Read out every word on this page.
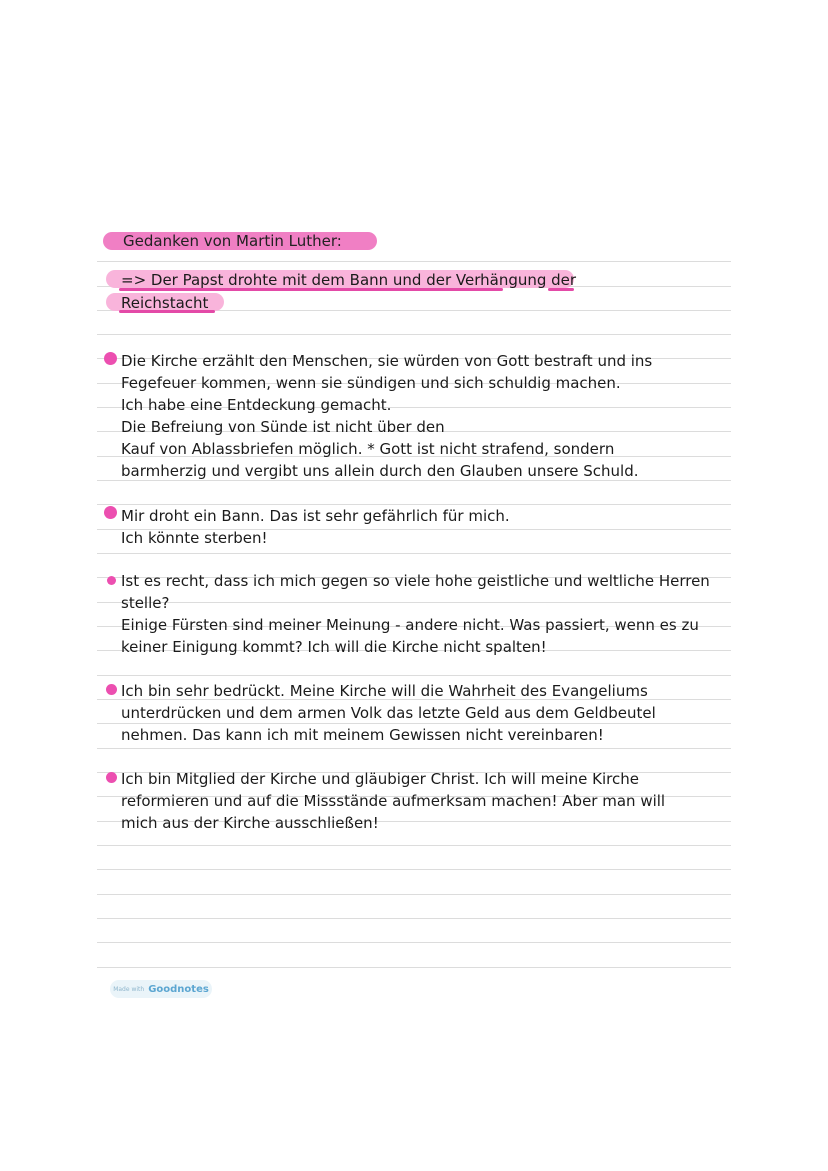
Gedanken von Martin Luther:
=> Der Papst drohte mit dem Bann und der Verhängung der
Reichstacht
Die Kirche erzählt den Menschen, sie würden von Gott bestraft und ins
Fegefeuer kommen, wenn sie sündigen und sich schuldig machen.
Ich habe eine Entdeckung gemacht.
Die Befreiung von Sünde ist nicht über den
Kauf von Ablassbriefen möglich. * Gott ist nicht strafend, sondern
barmherzig und vergibt uns allein durch den Glauben unsere Schuld.
Mir droht ein Bann. Das ist sehr gefährlich für mich.
Ich könnte sterben!
Ist es recht, dass ich mich gegen so viele hohe geistliche und weltliche Herren
stelle?
Einige Fürsten sind meiner Meinung - andere nicht. Was passiert, wenn es zu
keiner Einigung kommt? Ich will die Kirche nicht spalten!
Ich bin sehr bedrückt. Meine Kirche will die Wahrheit des Evangeliums
unterdrücken und dem armen Volk das letzte Geld aus dem Geldbeutel
nehmen. Das kann ich mit meinem Gewissen nicht vereinbaren!
Ich bin Mitglied der Kirche und gläubiger Christ. Ich will meine Kirche
reformieren und auf die Missstände aufmerksam machen! Aber man will
mich aus der Kirche ausschließen!
Made with Goodnotes
